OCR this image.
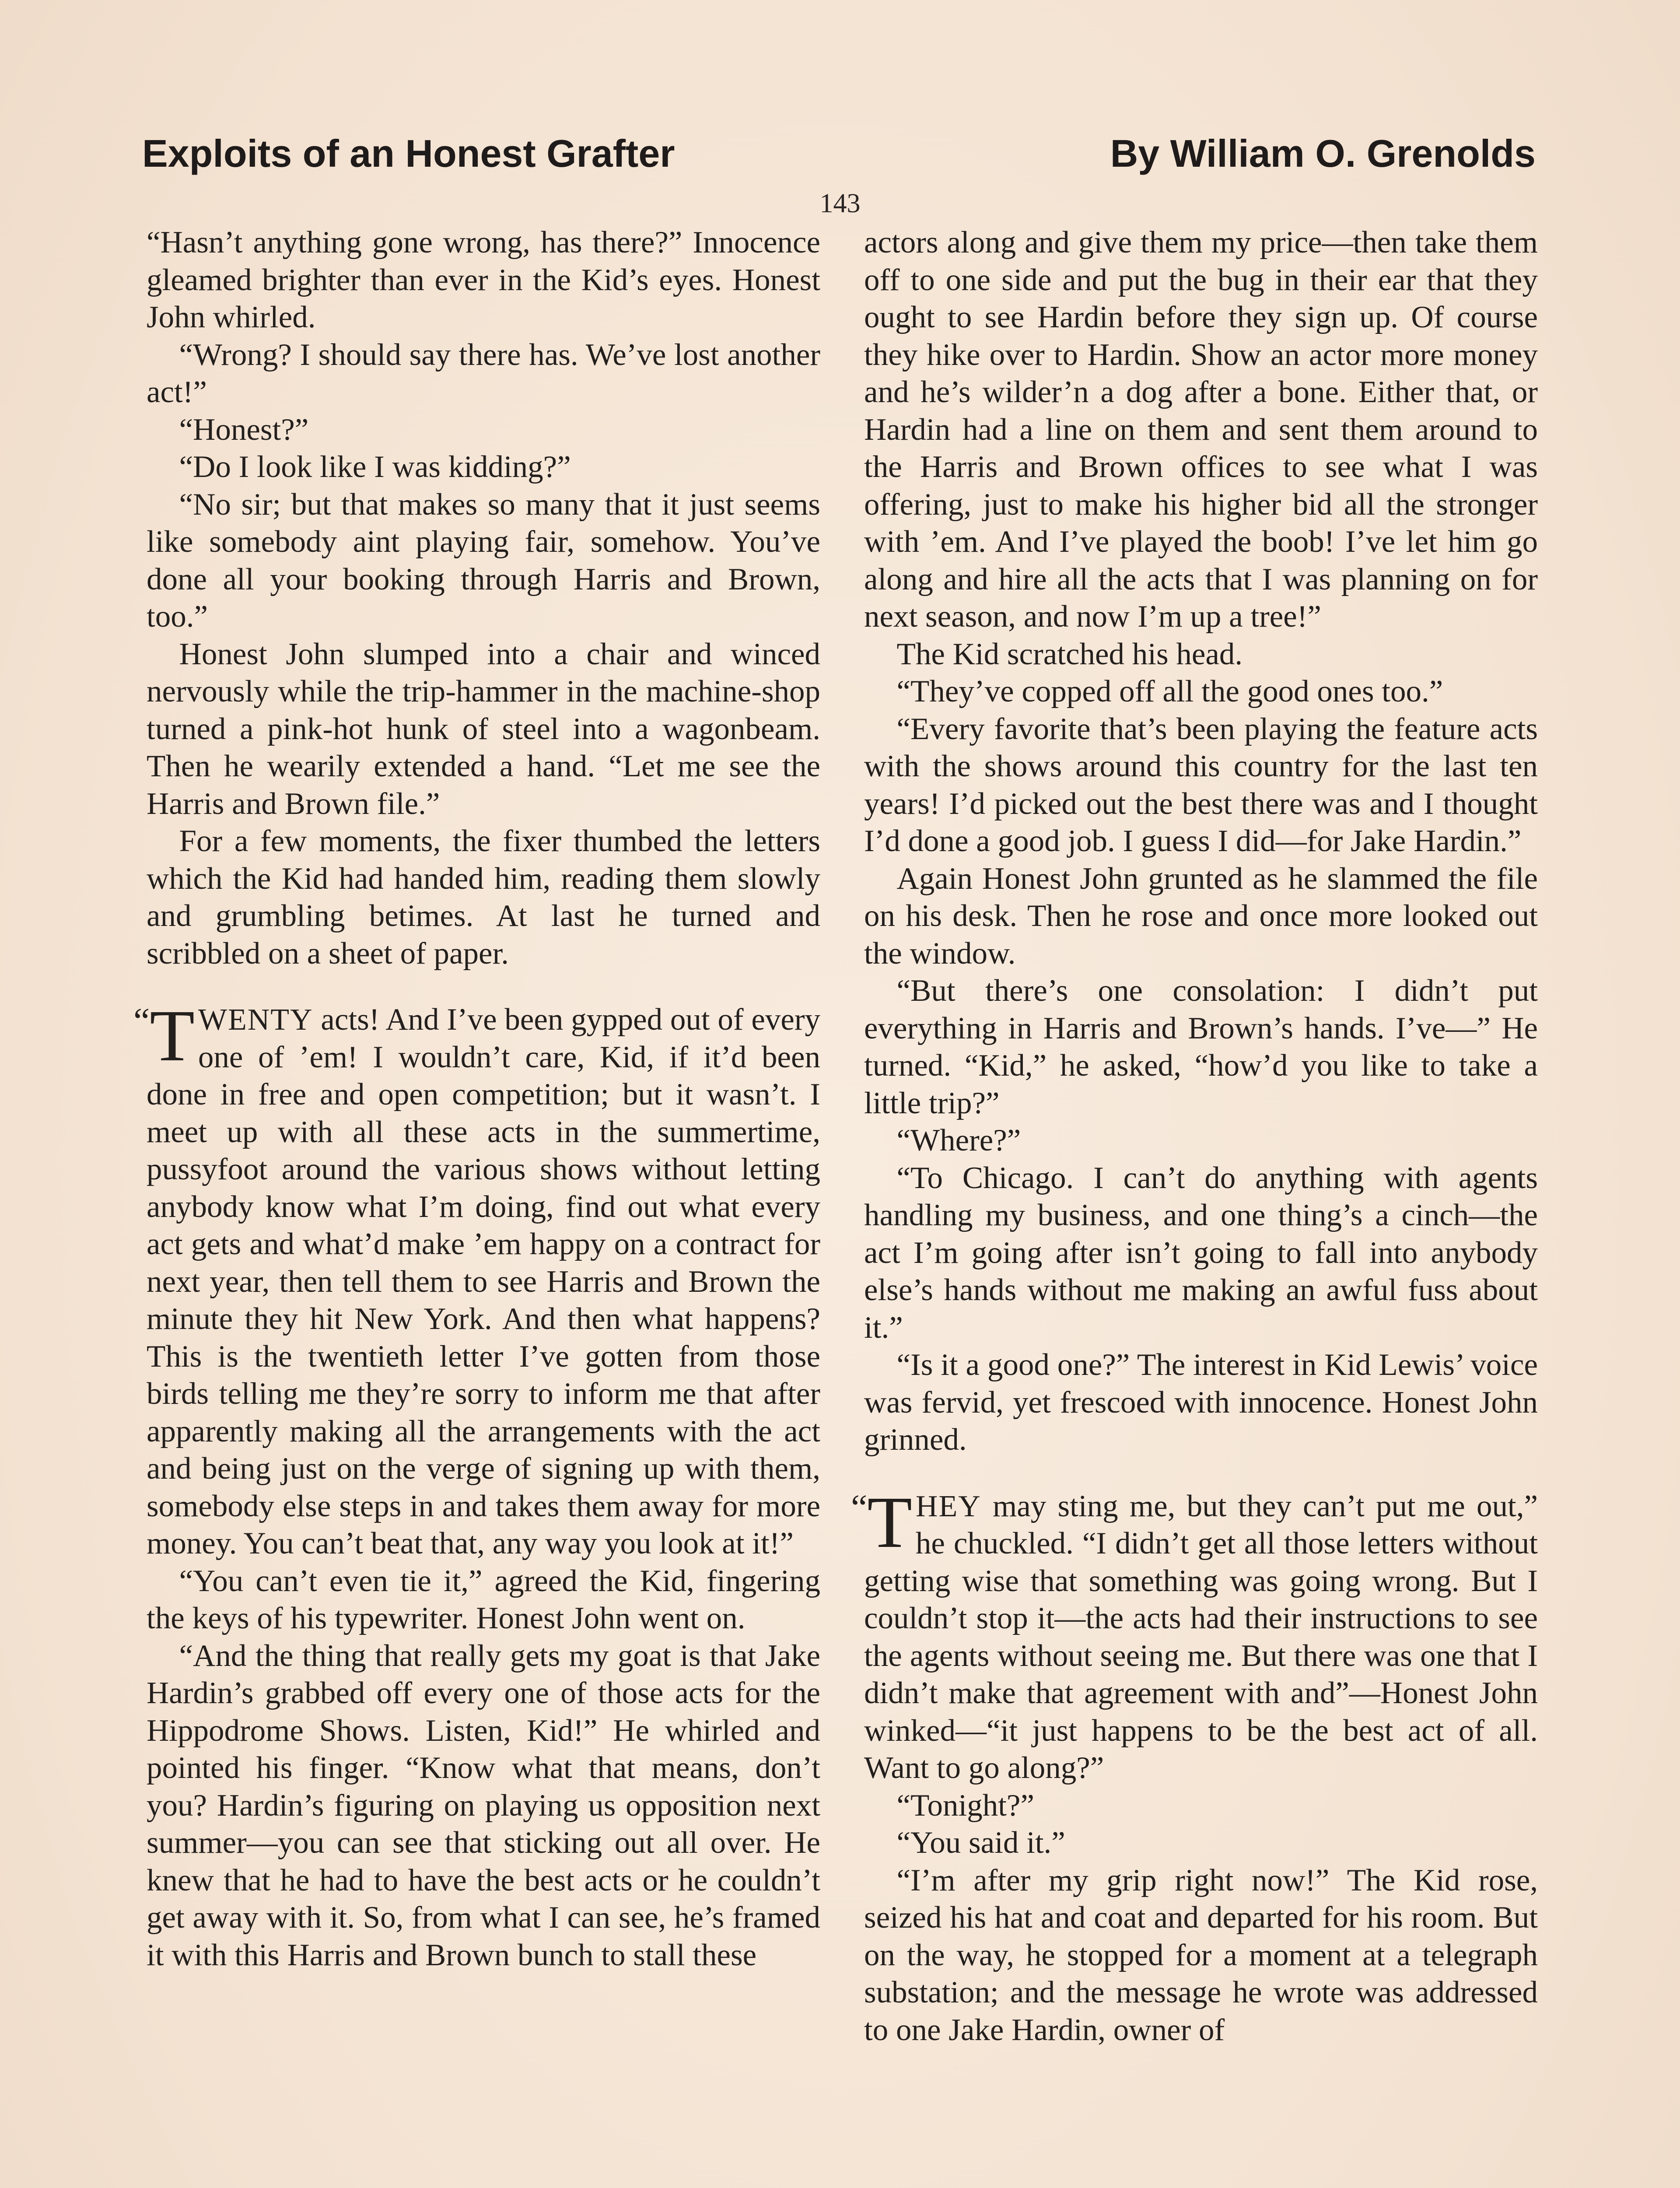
Exploits of an Honest Grafter	By William O. Grenolds
143

“Hasn’t anything gone wrong, has there?” Innocence gleamed brighter than ever in the Kid’s eyes. Honest John whirled.

“Wrong? I should say there has. We’ve lost another act!”

“Honest?”

“Do I look like I was kidding?”

“No sir; but that makes so many that it just seems like somebody aint playing fair, somehow. You’ve done all your booking through Harris and Brown, too.”

Honest John slumped into a chair and winced nervously while the trip-hammer in the machine-shop turned a pink-hot hunk of steel into a wagonbeam. Then he wearily extended a hand. “Let me see the Harris and Brown file.”

For a few moments, the fixer thumbed the letters which the Kid had handed him, reading them slowly and grumbling betimes. At last he turned and scribbled on a sheet of paper.

“T WENTY acts! And I’ve been gypped out of every one of ’em! I wouldn’t care, Kid, if it’d been done in free and open competition; but it wasn’t. I meet up with all these acts in the summertime, pussyfoot around the various shows without letting anybody know what I’m doing, find out what every act gets and what’d make ’em happy on a contract for next year, then tell them to see Harris and Brown the minute they hit New York. And then what happens? This is the twentieth letter I’ve gotten from those birds telling me they’re sorry to inform me that after apparently making all the arrangements with the act and being just on the verge of signing up with them, somebody else steps in and takes them away for more money. You can’t beat that, any way you look at it!”

“You can’t even tie it,” agreed the Kid, fingering the keys of his typewriter. Honest John went on.

“And the thing that really gets my goat is that Jake Hardin’s grabbed off every one of those acts for the Hippodrome Shows. Listen, Kid!” He whirled and pointed his finger. “Know what that means, don’t you? Hardin’s figuring on playing us opposition next summer—you can see that sticking out all over. He knew that he had to have the best acts or he couldn’t get away with it. So, from what I can see, he’s framed it with this Harris and Brown bunch to stall these

actors along and give them my price—then take them off to one side and put the bug in their ear that they ought to see Hardin before they sign up. Of course they hike over to Hardin. Show an actor more money and he’s wilder’n a dog after a bone. Either that, or Hardin had a line on them and sent them around to the Harris and Brown offices to see what I was offering, just to make his higher bid all the stronger with ’em. And I’ve played the boob! I’ve let him go along and hire all the acts that I was planning on for next season, and now I’m up a tree!”

The Kid scratched his head.

“They’ve copped off all the good ones too.”

“Every favorite that’s been playing the feature acts with the shows around this country for the last ten years! I’d picked out the best there was and I thought I’d done a good job. I guess I did—for Jake Hardin.”

Again Honest John grunted as he slammed the file on his desk. Then he rose and once more looked out the window.

“But there’s one consolation: I didn’t put everything in Harris and Brown’s hands. I’ve—” He turned. “Kid,” he asked, “how’d you like to take a little trip?”

“Where?”

“To Chicago. I can’t do anything with agents handling my business, and one thing’s a cinch—the act I’m going after isn’t going to fall into anybody else’s hands without me making an awful fuss about it.”

“Is it a good one?” The interest in Kid Lewis’ voice was fervid, yet frescoed with innocence. Honest John grinned.

“T HEY may sting me, but they can’t put me out,” he chuckled. “I didn’t get all those letters without getting wise that something was going wrong. But I couldn’t stop it—the acts had their instructions to see the agents without seeing me. But there was one that I didn’t make that agreement with and”—Honest John winked—“it just happens to be the best act of all. Want to go along?”

“Tonight?”

“You said it.”

“I’m after my grip right now!” The Kid rose, seized his hat and coat and departed for his room. But on the way, he stopped for a moment at a telegraph substation; and the message he wrote was addressed to one Jake Hardin, owner of
